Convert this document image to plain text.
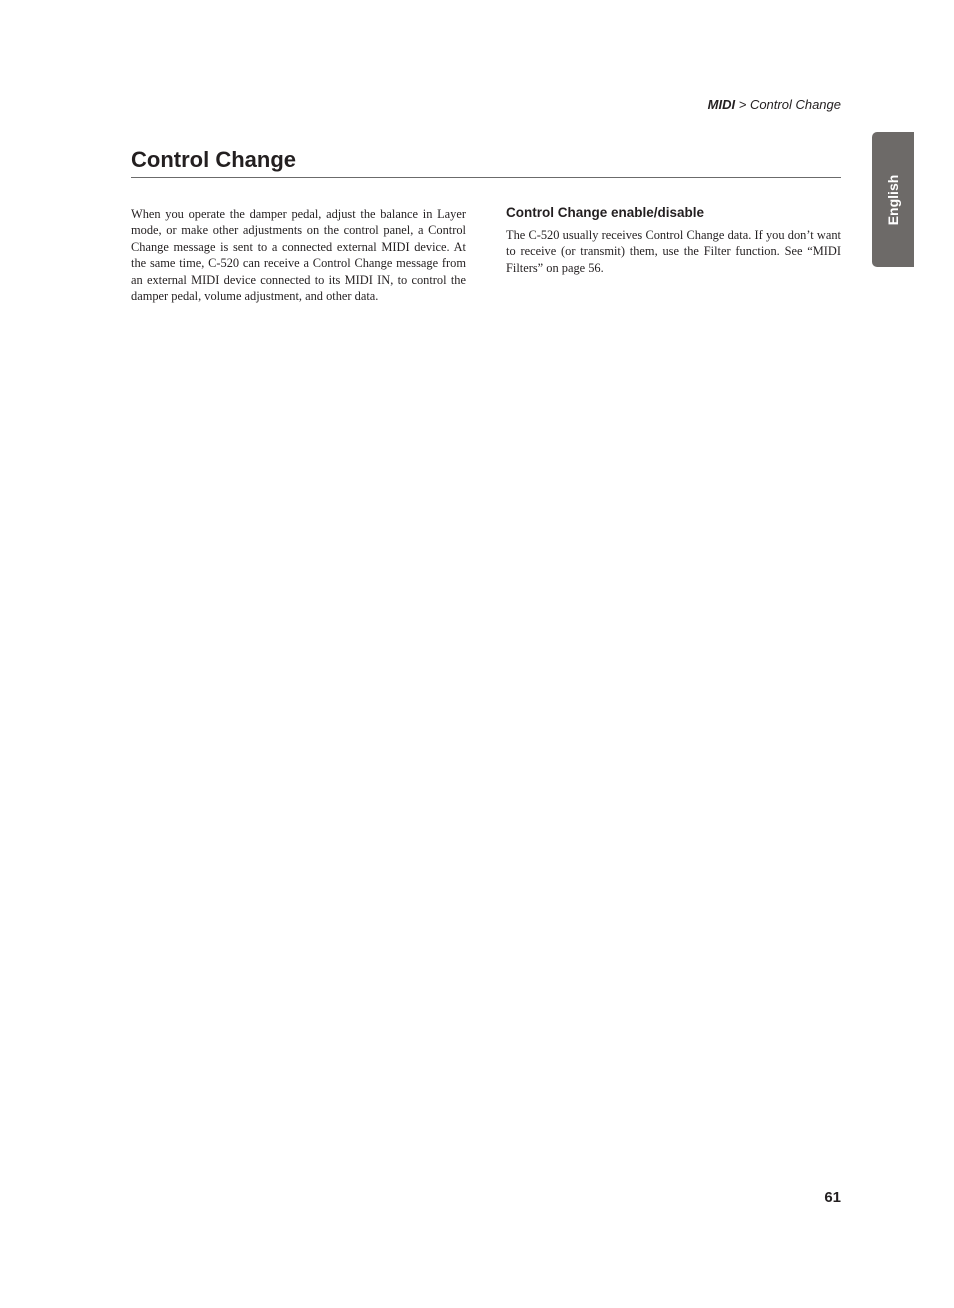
MIDI > Control Change
Control Change

When you operate the damper pedal, adjust the balance in Layer mode, or make other adjustments on the control panel, a Control Change message is sent to a connected external MIDI device. At the same time, C-520 can receive a Control Change message from an external MIDI device connected to its MIDI IN, to control the damper pedal, volume adjustment, and other data.

Control Change enable/disable

The C-520 usually receives Control Change data. If you don’t want to receive (or transmit) them, use the Filter function. See “MIDI Filters” on page 56.

English
61
